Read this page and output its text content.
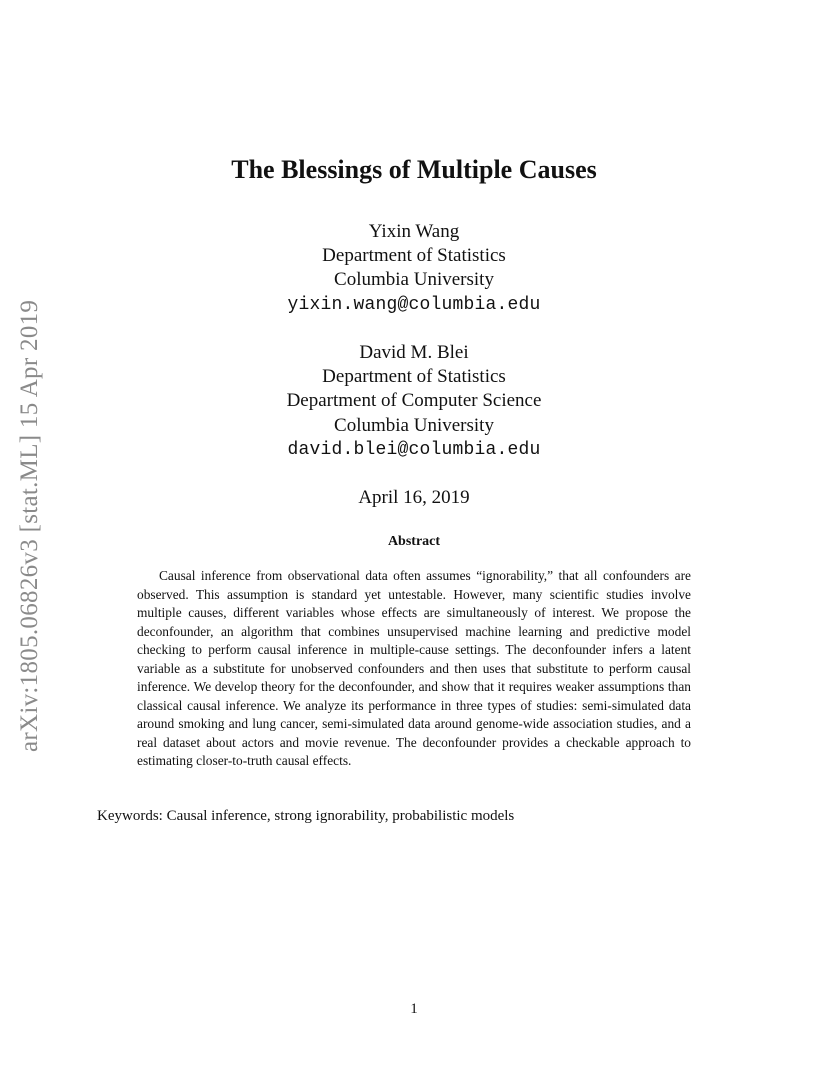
arXiv:1805.06826v3 [stat.ML] 15 Apr 2019
The Blessings of Multiple Causes
Yixin Wang
Department of Statistics
Columbia University
yixin.wang@columbia.edu
David M. Blei
Department of Statistics
Department of Computer Science
Columbia University
david.blei@columbia.edu
April 16, 2019
Abstract

Causal inference from observational data often assumes “ignorability,” that all confounders are observed. This assumption is standard yet untestable. However, many scientific studies involve multiple causes, different variables whose effects are simultaneously of interest. We propose the deconfounder, an algorithm that combines unsupervised machine learning and predictive model checking to perform causal inference in multiple-cause settings. The deconfounder infers a latent variable as a substitute for unobserved confounders and then uses that substitute to perform causal inference. We develop theory for the deconfounder, and show that it requires weaker assumptions than classical causal inference. We analyze its performance in three types of studies: semi-simulated data around smoking and lung cancer, semi-simulated data around genome-wide association studies, and a real dataset about actors and movie revenue. The deconfounder provides a checkable approach to estimating closer-to-truth causal effects.

Keywords: Causal inference, strong ignorability, probabilistic models
1
